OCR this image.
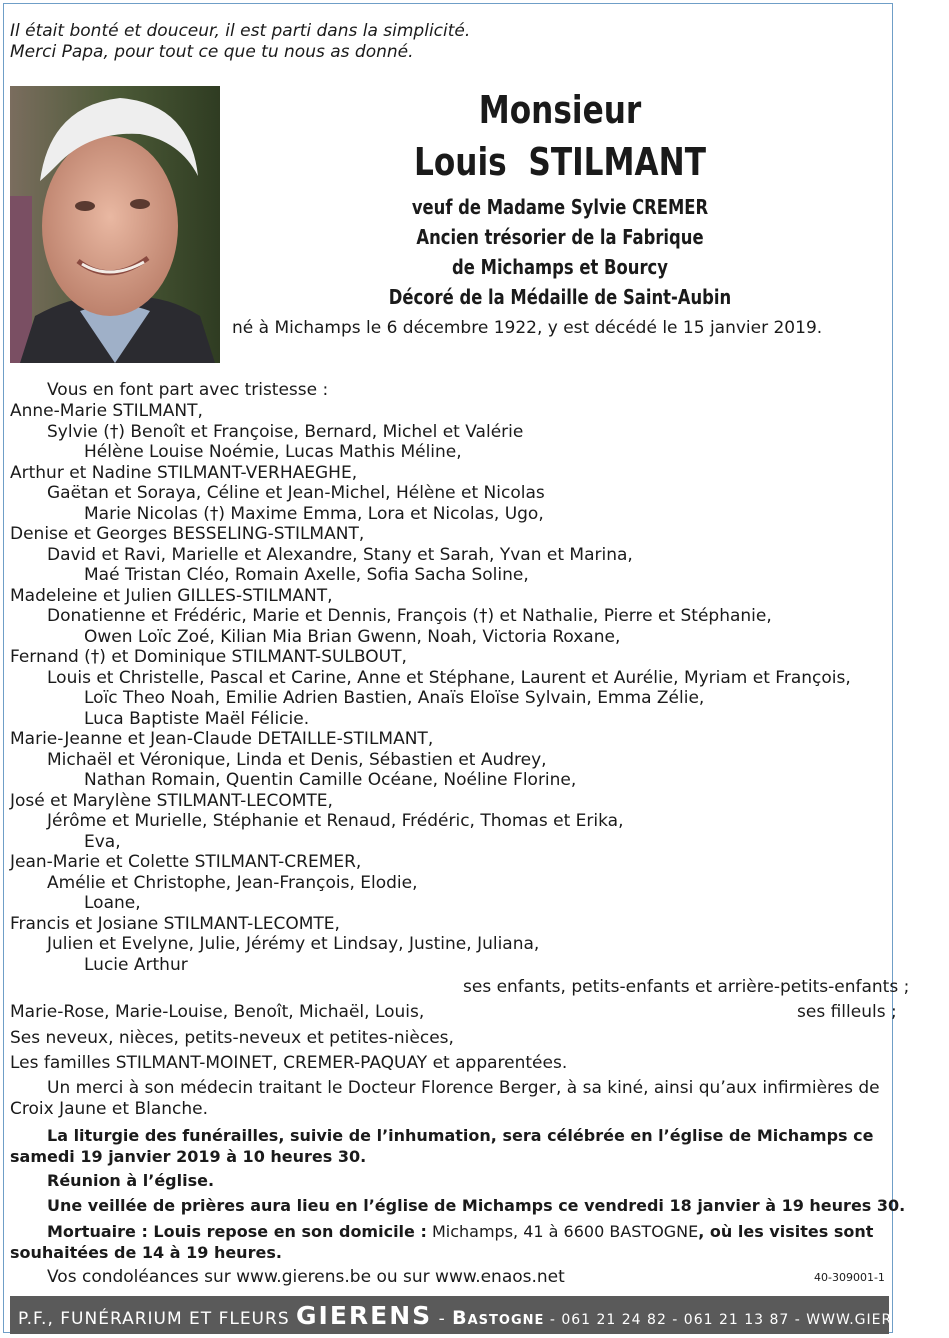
Il était bonté et douceur, il est parti dans la simplicité.
Merci Papa, pour tout ce que tu nous as donné.
Monsieur
Louis  STILMANT
veuf de Madame Sylvie CREMER
Ancien trésorier de la Fabrique
de Michamps et Bourcy
Décoré de la Médaille de Saint-Aubin
né à Michamps le 6 décembre 1922, y est décédé le 15 janvier 2019.
Vous en font part avec tristesse :
Anne-Marie STILMANT,
Sylvie (†) Benoît et Françoise, Bernard, Michel et Valérie
Hélène Louise Noémie, Lucas Mathis Méline,
Arthur et Nadine STILMANT-VERHAEGHE,
Gaëtan et Soraya, Céline et Jean-Michel, Hélène et Nicolas
Marie Nicolas (†) Maxime Emma, Lora et Nicolas, Ugo,
Denise et Georges BESSELING-STILMANT,
David et Ravi, Marielle et Alexandre, Stany et Sarah, Yvan et Marina,
Maé Tristan Cléo, Romain Axelle, Sofia Sacha Soline,
Madeleine et Julien GILLES-STILMANT,
Donatienne et Frédéric, Marie et Dennis, François (†) et Nathalie, Pierre et Stéphanie,
Owen Loïc Zoé, Kilian Mia Brian Gwenn, Noah, Victoria Roxane,
Fernand (†) et Dominique STILMANT-SULBOUT,
Louis et Christelle, Pascal et Carine, Anne et Stéphane, Laurent et Aurélie, Myriam et François,
Loïc Theo Noah, Emilie Adrien Bastien, Anaïs Eloïse Sylvain, Emma Zélie,
Luca Baptiste Maël Félicie.
Marie-Jeanne et Jean-Claude DETAILLE-STILMANT,
Michaël et Véronique, Linda et Denis, Sébastien et Audrey,
Nathan Romain, Quentin Camille Océane, Noéline Florine,
José et Marylène STILMANT-LECOMTE,
Jérôme et Murielle, Stéphanie et Renaud, Frédéric, Thomas et Erika,
Eva,
Jean-Marie et Colette STILMANT-CREMER,
Amélie et Christophe, Jean-François, Elodie,
Loane,
Francis et Josiane STILMANT-LECOMTE,
Julien et Evelyne, Julie, Jérémy et Lindsay, Justine, Juliana,
Lucie Arthur
ses enfants, petits-enfants et arrière-petits-enfants ;
Marie-Rose, Marie-Louise, Benoît, Michaël, Louis,	ses filleuls ;
Ses neveux, nièces, petits-neveux et petites-nièces,
Les familles STILMANT-MOINET, CREMER-PAQUAY et apparentées.
Un merci à son médecin traitant le Docteur Florence Berger, à sa kiné, ainsi qu’aux infirmières de Croix Jaune et Blanche.
La liturgie des funérailles, suivie de l’inhumation, sera célébrée en l’église de Michamps ce samedi 19 janvier 2019 à 10 heures 30.
Réunion à l’église.
Une veillée de prières aura lieu en l’église de Michamps ce vendredi 18 janvier à 19 heures 30.
Mortuaire : Louis repose en son domicile : Michamps, 41 à 6600 BASTOGNE, où les visites sont souhaitées de 14 à 19 heures.
Vos condoléances sur www.gierens.be ou sur www.enaos.net	40-309001-1
P.F., FUNÉRARIUM ET FLEURS GIERENS - Bastogne - 061 21 24 82 - 061 21 13 87 - WWW.GIERENS.BE
